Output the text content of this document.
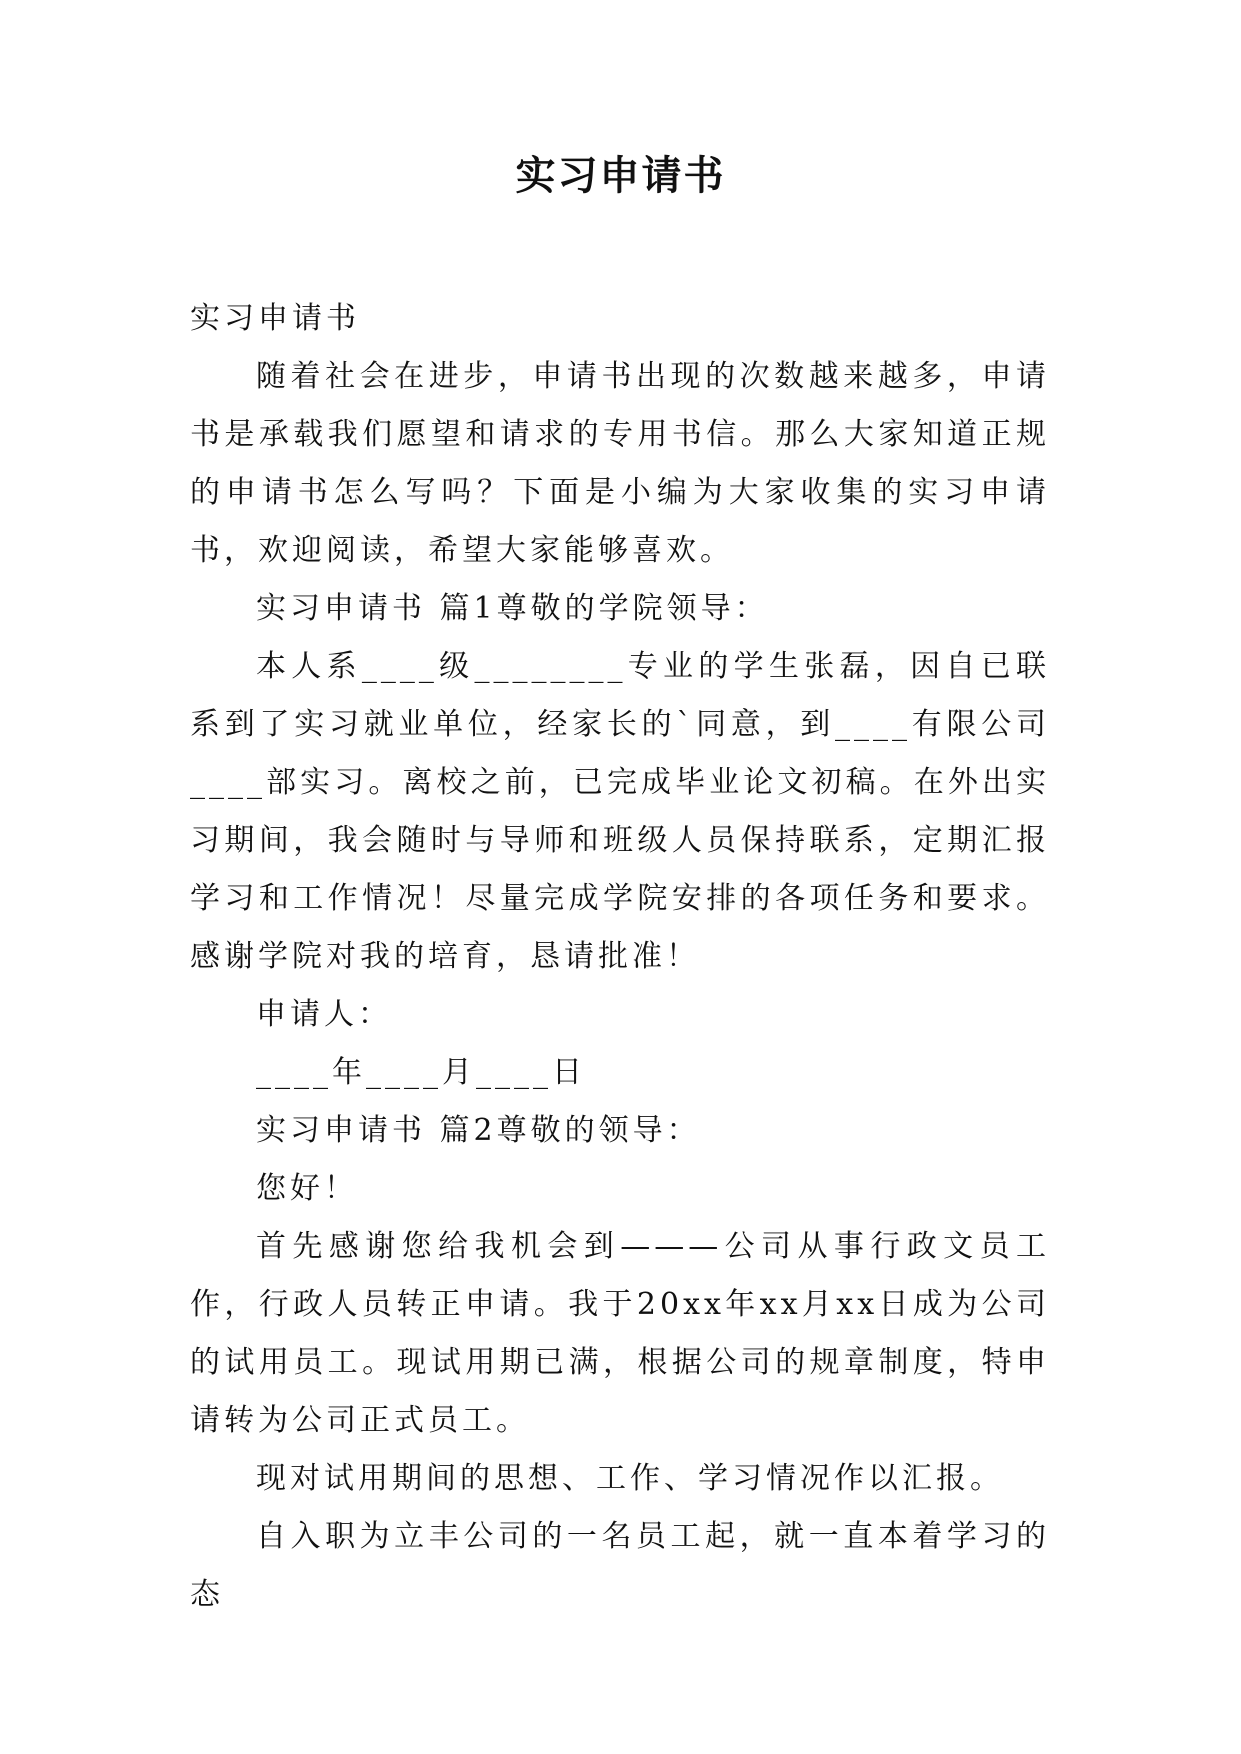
实习申请书

实习申请书

随着社会在进步，申请书出现的次数越来越多，申请书是承载我们愿望和请求的专用书信。那么大家知道正规的申请书怎么写吗？下面是小编为大家收集的实习申请书，欢迎阅读，希望大家能够喜欢。

实习申请书 篇1尊敬的学院领导：

本人系____级________专业的学生张磊，因自已联系到了实习就业单位，经家长的`同意，到____有限公司____部实习。离校之前，已完成毕业论文初稿。在外出实习期间，我会随时与导师和班级人员保持联系，定期汇报学习和工作情况！尽量完成学院安排的各项任务和要求。感谢学院对我的培育，恳请批准！

申请人：

____年____月____日

实习申请书 篇2尊敬的领导：

您好！

首先感谢您给我机会到———公司从事行政文员工作，行政人员转正申请。我于20xx年xx月xx日成为公司的试用员工。现试用期已满，根据公司的规章制度，特申请转为公司正式员工。

现对试用期间的思想、工作、学习情况作以汇报。

自入职为立丰公司的一名员工起，就一直本着学习的态
